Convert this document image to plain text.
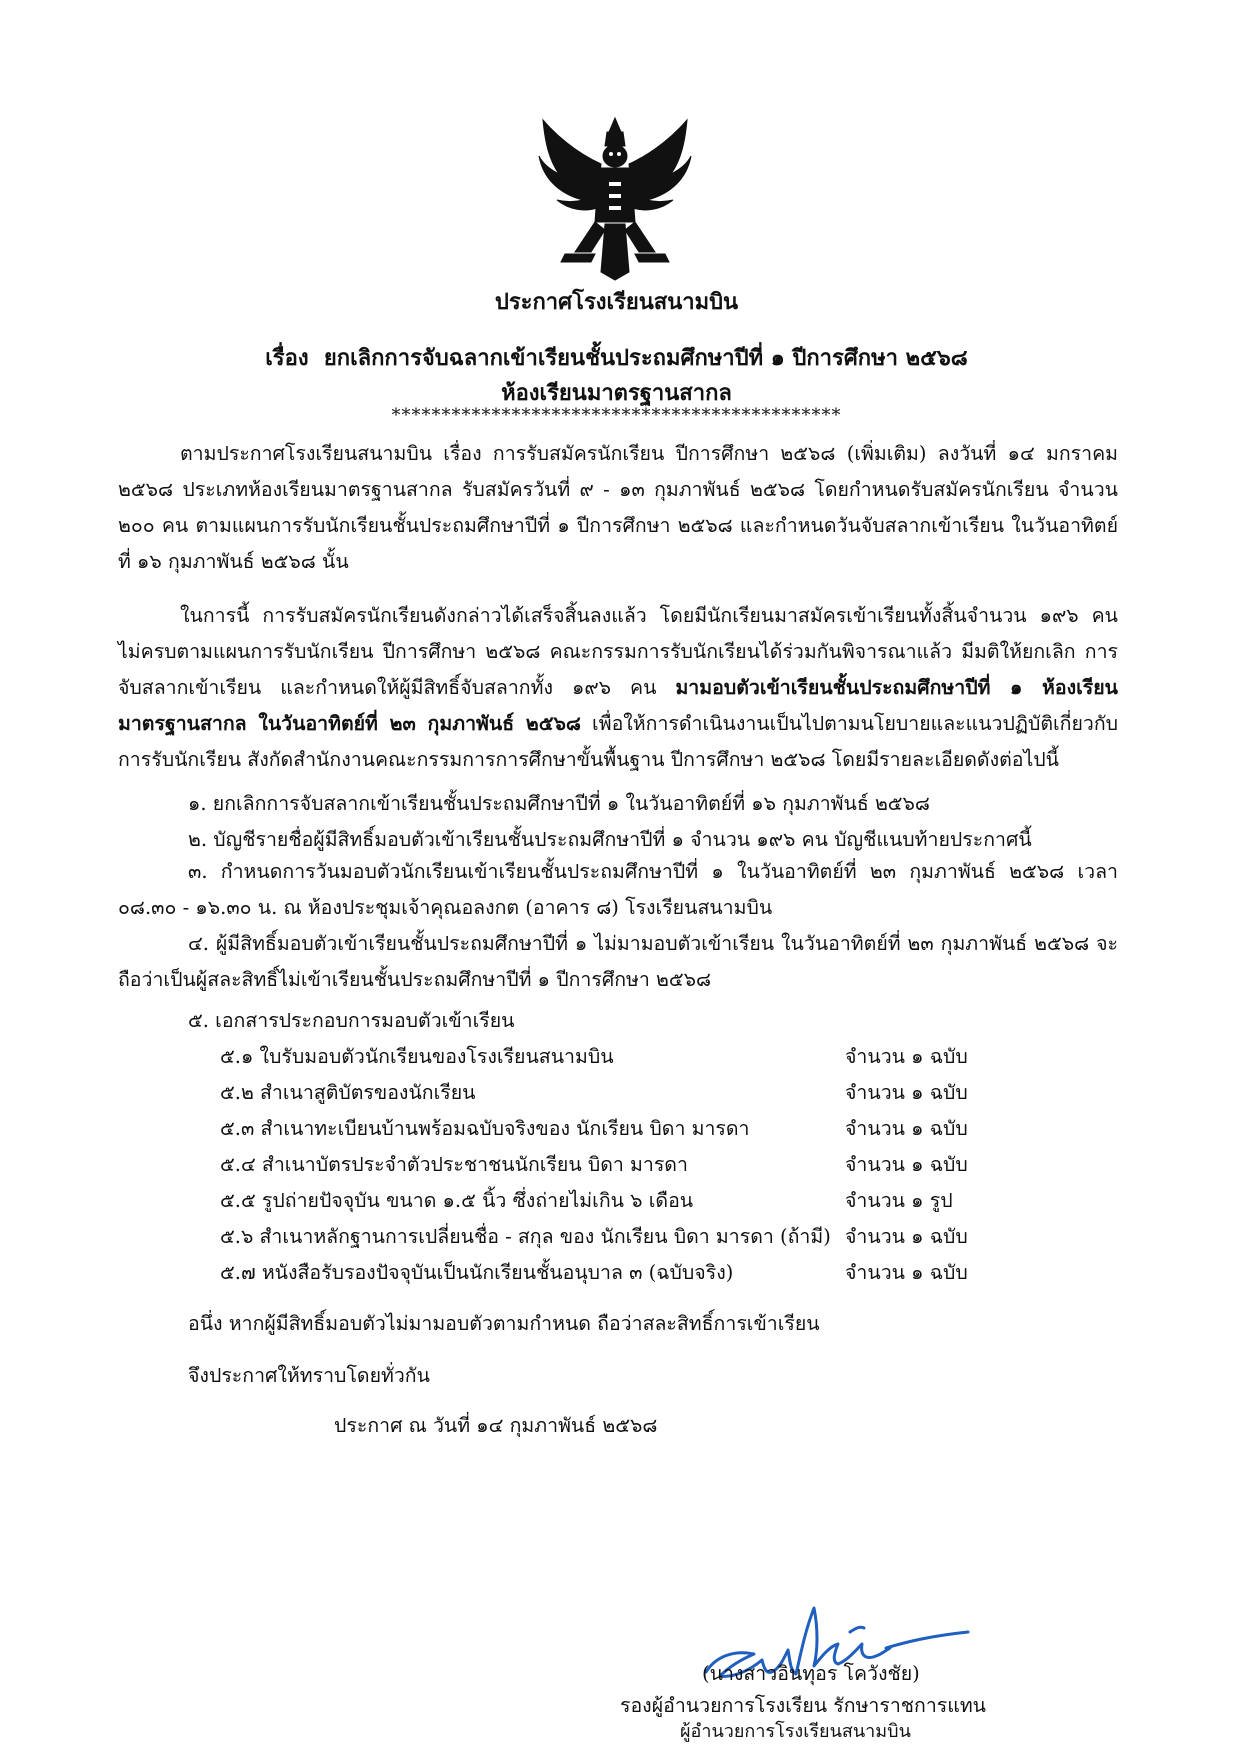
ประกาศโรงเรียนสนามบิน
เรื่อง ยกเลิกการจับฉลากเข้าเรียนชั้นประถมศึกษาปีที่ ๑ ปีการศึกษา ๒๕๖๘
ห้องเรียนมาตรฐานสากล
*********************************************
ตามประกาศโรงเรียนสนามบิน เรื่อง การรับสมัครนักเรียน ปีการศึกษา ๒๕๖๘ (เพิ่มเติม) ลงวันที่ ๑๔ มกราคม ๒๕๖๘ ประเภทห้องเรียนมาตรฐานสากล รับสมัครวันที่ ๙ - ๑๓ กุมภาพันธ์ ๒๕๖๘ โดยกำหนดรับสมัครนักเรียน จำนวน ๒๐๐ คน ตามแผนการรับนักเรียนชั้นประถมศึกษาปีที่ ๑ ปีการศึกษา ๒๕๖๘ และกำหนดวันจับสลากเข้าเรียน ในวันอาทิตย์ที่ ๑๖ กุมภาพันธ์ ๒๕๖๘ นั้น
ในการนี้ การรับสมัครนักเรียนดังกล่าวได้เสร็จสิ้นลงแล้ว โดยมีนักเรียนมาสมัครเข้าเรียนทั้งสิ้นจำนวน ๑๙๖ คน ไม่ครบตามแผนการรับนักเรียน ปีการศึกษา ๒๕๖๘ คณะกรรมการรับนักเรียนได้ร่วมกันพิจารณาแล้ว มีมติให้ยกเลิก การจับสลากเข้าเรียน และกำหนดให้ผู้มีสิทธิ์จับสลากทั้ง ๑๙๖ คน มามอบตัวเข้าเรียนชั้นประถมศึกษาปีที่ ๑ ห้องเรียน มาตรฐานสากล ในวันอาทิตย์ที่ ๒๓ กุมภาพันธ์ ๒๕๖๘ เพื่อให้การดำเนินงานเป็นไปตามนโยบายและแนวปฏิบัติเกี่ยวกับ การรับนักเรียน สังกัดสำนักงานคณะกรรมการการศึกษาขั้นพื้นฐาน ปีการศึกษา ๒๕๖๘ โดยมีรายละเอียดดังต่อไปนี้
๑. ยกเลิกการจับสลากเข้าเรียนชั้นประถมศึกษาปีที่ ๑ ในวันอาทิตย์ที่ ๑๖ กุมภาพันธ์ ๒๕๖๘
๒. บัญชีรายชื่อผู้มีสิทธิ์มอบตัวเข้าเรียนชั้นประถมศึกษาปีที่ ๑ จำนวน ๑๙๖ คน บัญชีแนบท้ายประกาศนี้
๓. กำหนดการวันมอบตัวนักเรียนเข้าเรียนชั้นประถมศึกษาปีที่ ๑ ในวันอาทิตย์ที่ ๒๓ กุมภาพันธ์ ๒๕๖๘ เวลา ๐๘.๓๐ - ๑๖.๓๐ น. ณ ห้องประชุมเจ้าคุณอลงกต (อาคาร ๘) โรงเรียนสนามบิน
๔. ผู้มีสิทธิ์มอบตัวเข้าเรียนชั้นประถมศึกษาปีที่ ๑ ไม่มามอบตัวเข้าเรียน ในวันอาทิตย์ที่ ๒๓ กุมภาพันธ์ ๒๕๖๘ จะถือว่าเป็นผู้สละสิทธิ์ไม่เข้าเรียนชั้นประถมศึกษาปีที่ ๑ ปีการศึกษา ๒๕๖๘
๕. เอกสารประกอบการมอบตัวเข้าเรียน
๕.๑ ใบรับมอบตัวนักเรียนของโรงเรียนสนามบิน	จำนวน ๑ ฉบับ
๕.๒ สำเนาสูติบัตรของนักเรียน	จำนวน ๑ ฉบับ
๕.๓ สำเนาทะเบียนบ้านพร้อมฉบับจริงของ นักเรียน บิดา มารดา	จำนวน ๑ ฉบับ
๕.๔ สำเนาบัตรประจำตัวประชาชนนักเรียน บิดา มารดา	จำนวน ๑ ฉบับ
๕.๕ รูปถ่ายปัจจุบัน ขนาด ๑.๕ นิ้ว ซึ่งถ่ายไม่เกิน ๖ เดือน	จำนวน ๑ รูป
๕.๖ สำเนาหลักฐานการเปลี่ยนชื่อ - สกุล ของ นักเรียน บิดา มารดา (ถ้ามี) จำนวน ๑ ฉบับ
๕.๗ หนังสือรับรองปัจจุบันเป็นนักเรียนชั้นอนุบาล ๓ (ฉบับจริง)	จำนวน ๑ ฉบับ
อนึ่ง หากผู้มีสิทธิ์มอบตัวไม่มามอบตัวตามกำหนด ถือว่าสละสิทธิ์การเข้าเรียน
จึงประกาศให้ทราบโดยทั่วกัน
ประกาศ ณ วันที่ ๑๔ กุมภาพันธ์ ๒๕๖๘
(นางสาวอินทุอร โควังชัย)
รองผู้อำนวยการโรงเรียน รักษาราชการแทน
ผู้อำนวยการโรงเรียนสนามบิน
